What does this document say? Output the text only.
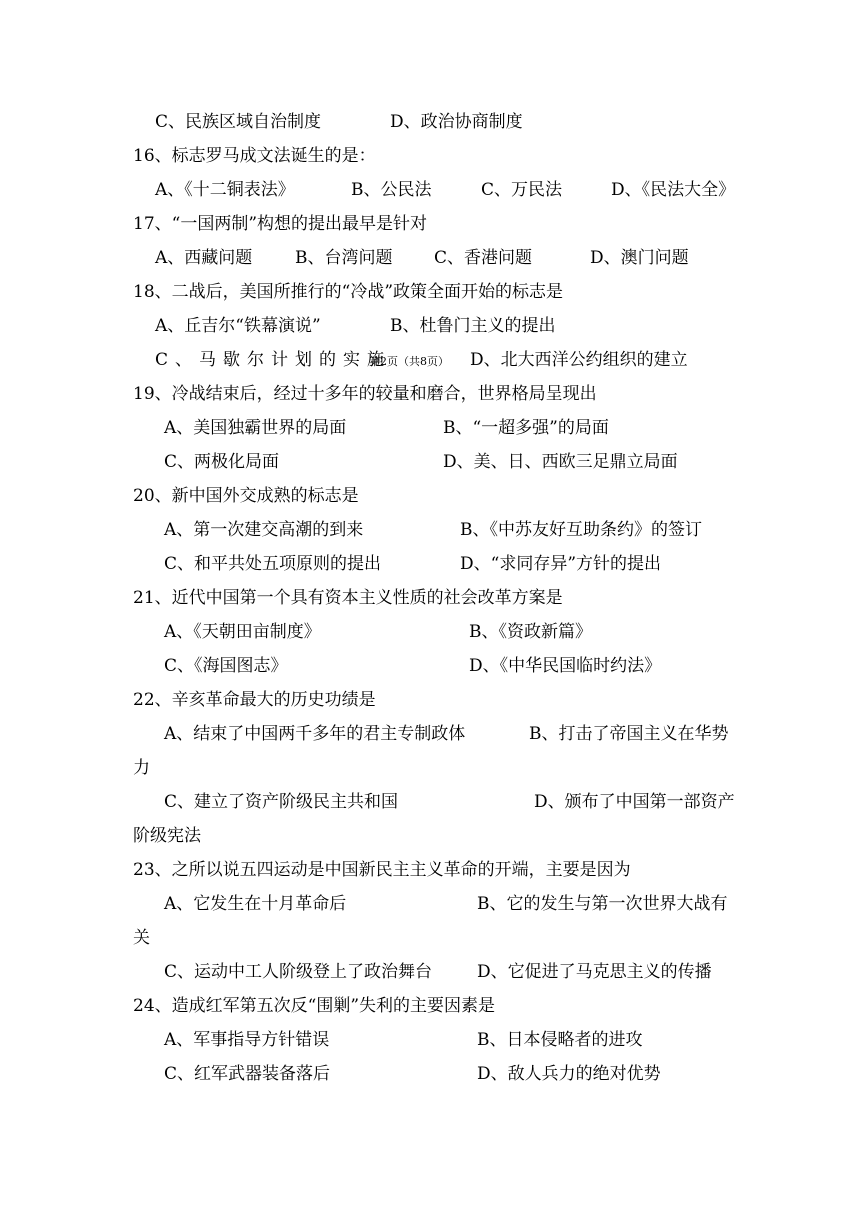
C、民族区域自治制度	D、政治协商制度
16、标志罗马成文法诞生的是：
A、《十二铜表法》	B、公民法	C、万民法	D、《民法大全》
17、“一国两制”构想的提出最早是针对
A、西藏问题	B、台湾问题 C、香港问题	D、澳门问题
18、二战后，美国所推行的“冷战”政策全面开始的标志是
A、丘吉尔“铁幕演说”	B、杜鲁门主义的提出
C、马歇尔计划的实施
第2页（共8页） D、北大西洋公约组织的建立
19、冷战结束后，经过十多年的较量和磨合，世界格局呈现出
A、美国独霸世界的局面	B、“一超多强”的局面
C、两极化局面	D、美、日、西欧三足鼎立局面
20、新中国外交成熟的标志是
A、第一次建交高潮的到来	B、《中苏友好互助条约》的签订
C、和平共处五项原则的提出	D、“求同存异”方针的提出
21、近代中国第一个具有资本主义性质的社会改革方案是
A、《天朝田亩制度》	B、《资政新篇》
C、《海国图志》	D、《中华民国临时约法》
22、辛亥革命最大的历史功绩是
A、结束了中国两千多年的君主专制政体	B、打击了帝国主义在华势
力
C、建立了资产阶级民主共和国	D、颁布了中国第一部资产
阶级宪法
23、之所以说五四运动是中国新民主主义革命的开端，主要是因为
A、它发生在十月革命后	B、它的发生与第一次世界大战有
关
C、运动中工人阶级登上了政治舞台	D、它促进了马克思主义的传播
24、造成红军第五次反“围剿”失利的主要因素是
A、军事指导方针错误	B、日本侵略者的进攻
C、红军武器装备落后	D、敌人兵力的绝对优势
